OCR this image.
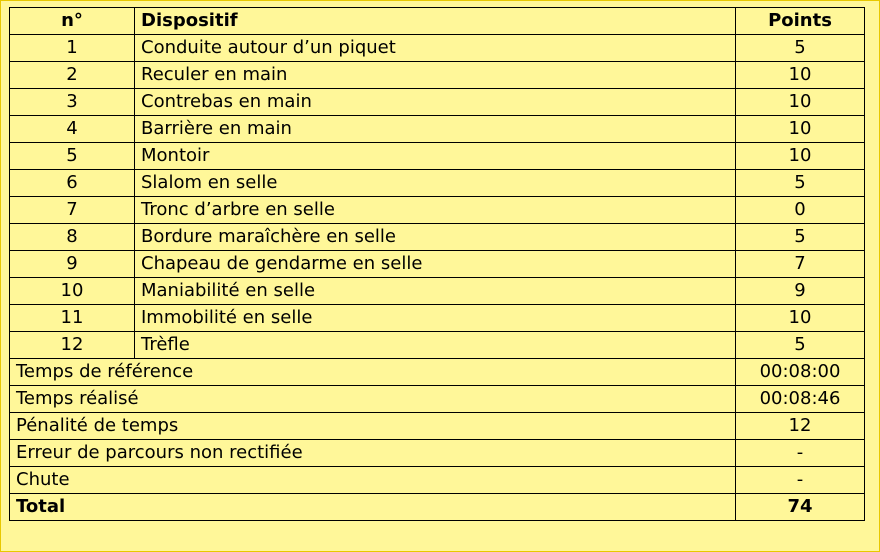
n°	Dispositif	Points
1	Conduite autour d’un piquet	5
2	Reculer en main	10
3	Contrebas en main	10
4	Barrière en main	10
5	Montoir	10
6	Slalom en selle	5
7	Tronc d’arbre en selle	0
8	Bordure maraîchère en selle	5
9	Chapeau de gendarme en selle	7
10	Maniabilité en selle	9
11	Immobilité en selle	10
12	Trèfle	5
Temps de référence		00:08:00
Temps réalisé		00:08:46
Pénalité de temps		12
Erreur de parcours non rectifiée		-
Chute		-
Total		74
